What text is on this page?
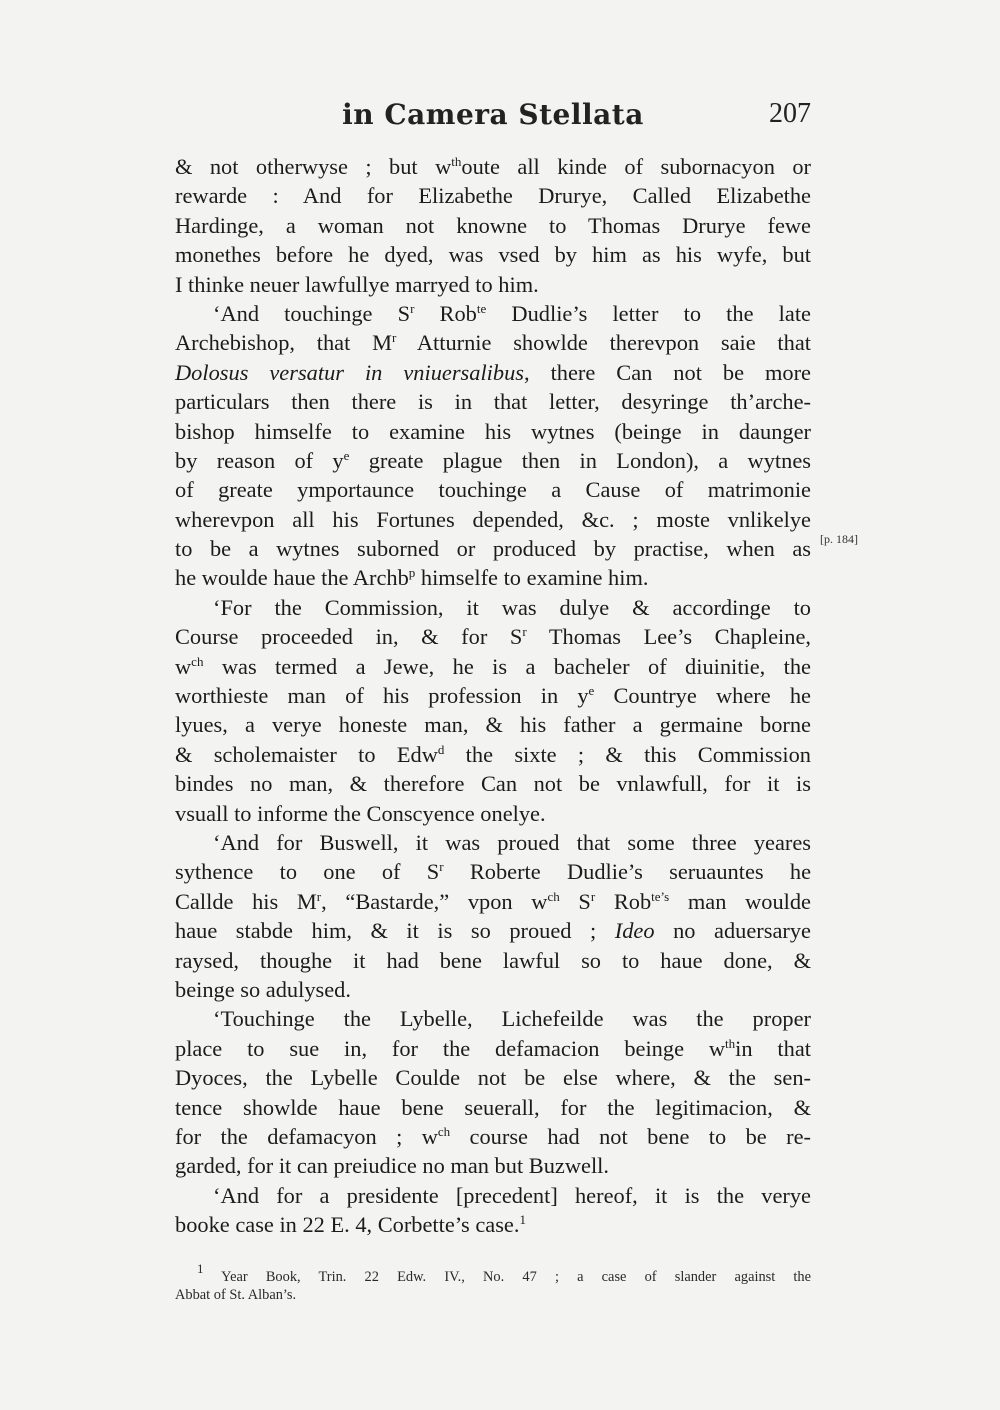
in Camera Stellata	207
& not otherwyse ; but $w^{th}oute$ all kinde of subornacyon or
rewarde : And for Elizabethe Drurye, Called Elizabethe
Hardinge, a woman not knowne to Thomas Drurye fewe
monethes before he dyed, was vsed by him as his wyfe, but
I thinke neuer lawfullye marryed to him.
‘And touchinge $S^r$ Rob$^{te}$ Dudlie’s letter to the late
Archebishop, that $M^r$ Atturnie showlde therevpon saie that
Dolosus versatur in vniuersalibus, there Can not be more
particulars then there is in that letter, desyringe th’arche-
bishop himselfe to examine his wytnes (beinge in daunger
by reason of $y^e$ greate plague then in London), a wytnes
of greate ymportaunce touchinge a Cause of matrimonie
wherevpon all his Fortunes depended, &c. ; moste vnlikelye
to be a wytnes suborned or produced by practise, when as
he woulde haue the Archb$^p$ himselfe to examine him.
‘For the Commission, it was dulye & accordinge to
Course proceeded in, & for $S^r$ Thomas Lee’s Chapleine,
$w^{ch}$ was termed a Jewe, he is a bacheler of diuinitie, the
worthieste man of his profession in $y^e$ Countrye where he
lyues, a verye honeste man, & his father a germaine borne
& scholemaister to Edw$^d$ the sixte ; & this Commission
bindes no man, & therefore Can not be vnlawfull, for it is
vsuall to informe the Conscyence onelye.
‘And for Buswell, it was proued that some three yeares
sythence to one of $S^r$ Roberte Dudlie’s seruauntes he
Callde his $M^r$, “Bastarde,” vpon $w^{ch}$ $S^r$ Rob$^{te’s}$ man woulde
haue stabde him, & it is so proued ; Ideo no aduersarye
raysed, thoughe it had bene lawful so to haue done, &
beinge so adulysed.
‘Touchinge the Lybelle, Lichefeilde was the proper
place to sue in, for the defamacion beinge $w^{th}in$ that
Dyoces, the Lybelle Coulde not be else where, & the sen-
tence showlde haue bene seuerall, for the legitimacion, &
for the defamacyon ; $w^{ch}$ course had not bene to be re-
garded, for it can preiudice no man but Buzwell.
‘And for a presidente [precedent] hereof, it is the verye
booke case in 22 E. 4, Corbette’s case.$^1$
[p. 184]
$^1$ Year Book, Trin. 22 Edw. IV., No. 47 ; a case of slander against the
Abbat of St. Alban’s.
